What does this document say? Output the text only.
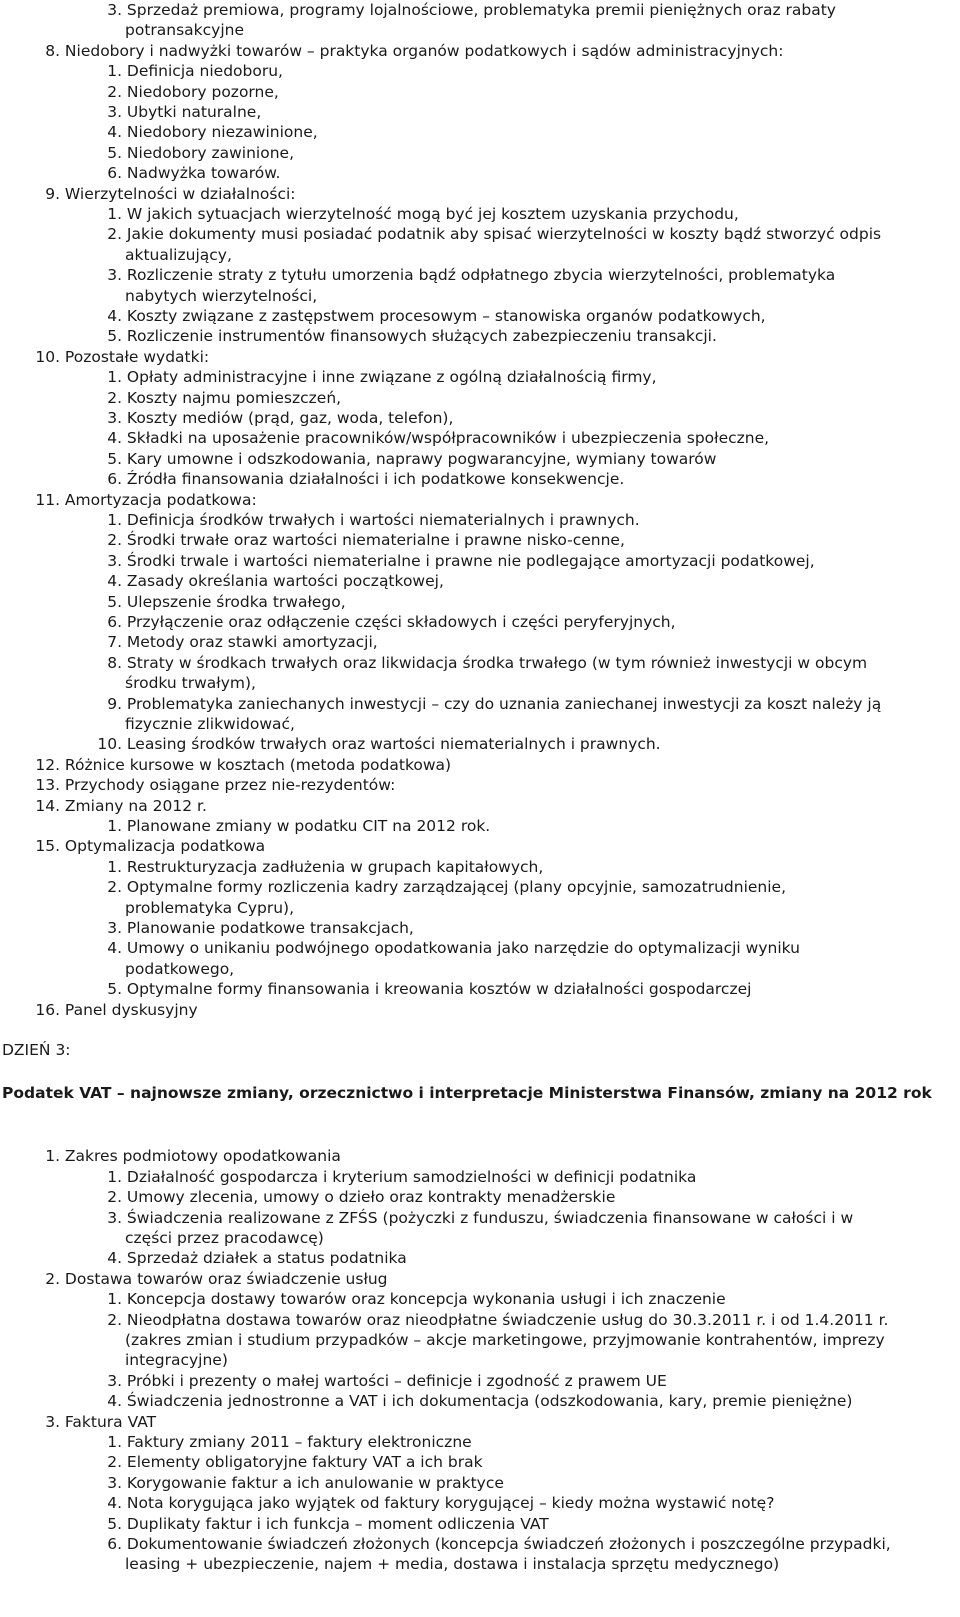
3. Sprzedaż premiowa, programy lojalnościowe, problematyka premii pieniężnych oraz rabaty
potransakcyjne
8. Niedobory i nadwyżki towarów – praktyka organów podatkowych i sądów administracyjnych:
1. Definicja niedoboru,
2. Niedobory pozorne,
3. Ubytki naturalne,
4. Niedobory niezawinione,
5. Niedobory zawinione,
6. Nadwyżka towarów.
9. Wierzytelności w działalności:
1. W jakich sytuacjach wierzytelność mogą być jej kosztem uzyskania przychodu,
2. Jakie dokumenty musi posiadać podatnik aby spisać wierzytelności w koszty bądź stworzyć odpis
aktualizujący,
3. Rozliczenie straty z tytułu umorzenia bądź odpłatnego zbycia wierzytelności, problematyka
nabytych wierzytelności,
4. Koszty związane z zastępstwem procesowym – stanowiska organów podatkowych,
5. Rozliczenie instrumentów finansowych służących zabezpieczeniu transakcji.
10. Pozostałe wydatki:
1. Opłaty administracyjne i inne związane z ogólną działalnością firmy,
2. Koszty najmu pomieszczeń,
3. Koszty mediów (prąd, gaz, woda, telefon),
4. Składki na uposażenie pracowników/współpracowników i ubezpieczenia społeczne,
5. Kary umowne i odszkodowania, naprawy pogwarancyjne, wymiany towarów
6. Źródła finansowania działalności i ich podatkowe konsekwencje.
11. Amortyzacja podatkowa:
1. Definicja środków trwałych i wartości niematerialnych i prawnych.
2. Środki trwałe oraz wartości niematerialne i prawne nisko-cenne,
3. Środki trwale i wartości niematerialne i prawne nie podlegające amortyzacji podatkowej,
4. Zasady określania wartości początkowej,
5. Ulepszenie środka trwałego,
6. Przyłączenie oraz odłączenie części składowych i części peryferyjnych,
7. Metody oraz stawki amortyzacji,
8. Straty w środkach trwałych oraz likwidacja środka trwałego (w tym również inwestycji w obcym
środku trwałym),
9. Problematyka zaniechanych inwestycji – czy do uznania zaniechanej inwestycji za koszt należy ją
fizycznie zlikwidować,
10. Leasing środków trwałych oraz wartości niematerialnych i prawnych.
12. Różnice kursowe w kosztach (metoda podatkowa)
13. Przychody osiągane przez nie-rezydentów:
14. Zmiany na 2012 r.
1. Planowane zmiany w podatku CIT na 2012 rok.
15. Optymalizacja podatkowa
1. Restrukturyzacja zadłużenia w grupach kapitałowych,
2. Optymalne formy rozliczenia kadry zarządzającej (plany opcyjnie, samozatrudnienie,
problematyka Cypru),
3. Planowanie podatkowe transakcjach,
4. Umowy o unikaniu podwójnego opodatkowania jako narzędzie do optymalizacji wyniku
podatkowego,
5. Optymalne formy finansowania i kreowania kosztów w działalności gospodarczej
16. Panel dyskusyjny
DZIEŃ 3:
Podatek VAT – najnowsze zmiany, orzecznictwo i interpretacje Ministerstwa Finansów, zmiany na 2012 rok
1. Zakres podmiotowy opodatkowania
1. Działalność gospodarcza i kryterium samodzielności w definicji podatnika
2. Umowy zlecenia, umowy o dzieło oraz kontrakty menadżerskie
3. Świadczenia realizowane z ZFŚS (pożyczki z funduszu, świadczenia finansowane w całości i w
części przez pracodawcę)
4. Sprzedaż działek a status podatnika
2. Dostawa towarów oraz świadczenie usług
1. Koncepcja dostawy towarów oraz koncepcja wykonania usługi i ich znaczenie
2. Nieodpłatna dostawa towarów oraz nieodpłatne świadczenie usług do 30.3.2011 r. i od 1.4.2011 r.
(zakres zmian i studium przypadków – akcje marketingowe, przyjmowanie kontrahentów, imprezy
integracyjne)
3. Próbki i prezenty o małej wartości – definicje i zgodność z prawem UE
4. Świadczenia jednostronne a VAT i ich dokumentacja (odszkodowania, kary, premie pieniężne)
3. Faktura VAT
1. Faktury zmiany 2011 – faktury elektroniczne
2. Elementy obligatoryjne faktury VAT a ich brak
3. Korygowanie faktur a ich anulowanie w praktyce
4. Nota korygująca jako wyjątek od faktury korygującej – kiedy można wystawić notę?
5. Duplikaty faktur i ich funkcja – moment odliczenia VAT
6. Dokumentowanie świadczeń złożonych (koncepcja świadczeń złożonych i poszczególne przypadki,
leasing + ubezpieczenie, najem + media, dostawa i instalacja sprzętu medycznego)
